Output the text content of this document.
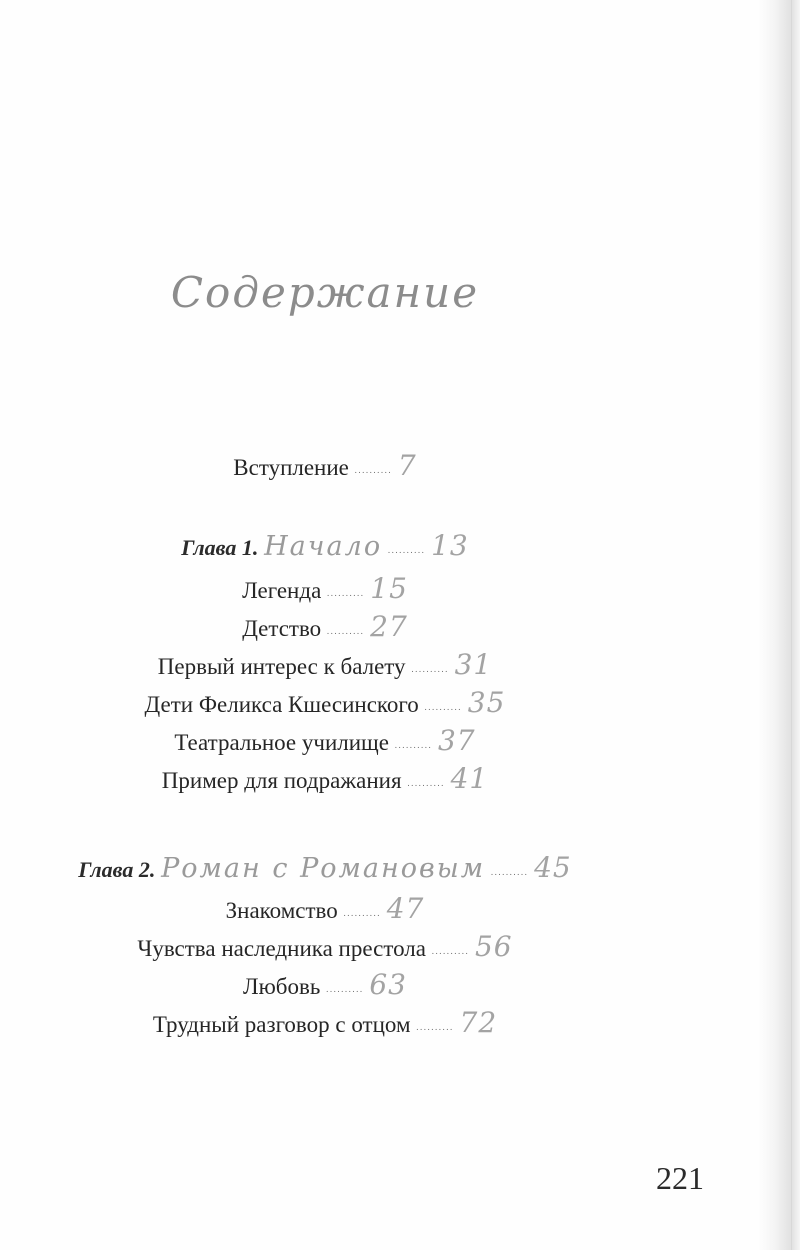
Содержание
Вступление .......... 7
Глава 1. Начало .......... 13
Легенда .......... 15
Детство .......... 27
Первый интерес к балету .......... 31
Дети Феликса Кшесинского .......... 35
Театральное училище .......... 37
Пример для подражания .......... 41
Глава 2. Роман с Романовым .......... 45
Знакомство .......... 47
Чувства наследника престола .......... 56
Любовь .......... 63
Трудный разговор с отцом .......... 72
221
